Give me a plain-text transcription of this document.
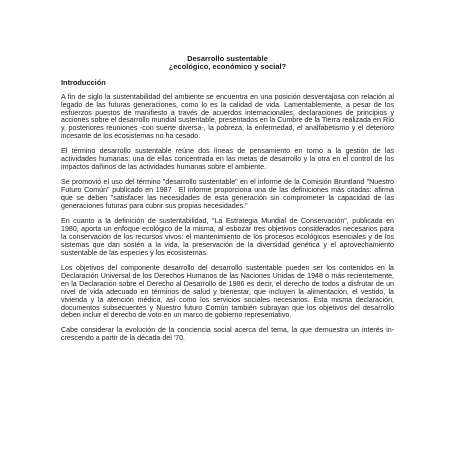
Desarrollo sustentable
¿ecológico, económico y social?
Introducción

A fin de siglo la sustentabilidad del ambiente se encuentra en una posición desventajosa con relación al legado de las futuras generaciones, como lo es la calidad de vida. Lamentablemente, a pesar de los esfuerzos puestos de manifiesto a través de acuerdos internacionales, declaraciones de principios y acciones sobre el desarrollo mundial sustentable, presentados en la Cumbre de la Tierra realizada en Río y, posteriores reuniones -con suerte diversa-, la pobreza, la enfermedad, el analfabetismo y el deterioro incesante de los ecosistemas no ha cesado.

El término desarrollo sustentable reúne dos líneas de pensamiento en torno a la gestión de las actividades humanas: una de ellas concentrada en las metas de desarrollo y la otra en el control de los impactos dañinos de las actividades humanas sobre el ambiente.

Se promovió el uso del término "desarrollo sustentable" en el informe de la Comisión Bruntland "Nuestro Futuro Común" publicado en 1987 . El informe proporciona una de las definiciones más citadas: afirma que se deben "satisfacer las necesidades de esta generación sin comprometer la capacidad de las generaciones futuras para cubrir sus propias necesidades."

En cuanto a la definición de sustentabilidad, "La Estrategia Mundial de Conservación", publicada en 1980, aporta un enfoque ecológico de la misma, al esbozar tres objetivos considerados necesarios para la conservación de los recursos vivos: el mantenimiento de los procesos ecológicos esenciales y de los sistemas que dan sostén a la vida, la preservación de la diversidad genética y el aprovechamiento sustentable de las especies y los ecosistemas.

Los objetivos del componente desarrollo del desarrollo sustentable pueden ser los contenidos en la Declaración Universal de los Derechos Humanos de las Naciones Unidas de 1948 o más recientemente, en la Declaración sobre el Derecho al Desarrollo de 1986 es decir, el derecho de todos a disfrutar de un nivel de vida adecuado en términos de salud y bienestar, que incluyen la alimentación, el vestido, la vivienda y la atención médica, así como los servicios sociales necesarios. Esta misma declaración, documentos subsecuentes y Nuestro futuro Común también subrayan que los objetivos del desarrollo deben incluir el derecho de voto en un marco de gobierno representativo.

Cabe considerar la evolución de la conciencia social acerca del tema, la que demuestra un interés in-crescendo a partir de la década del '70.
